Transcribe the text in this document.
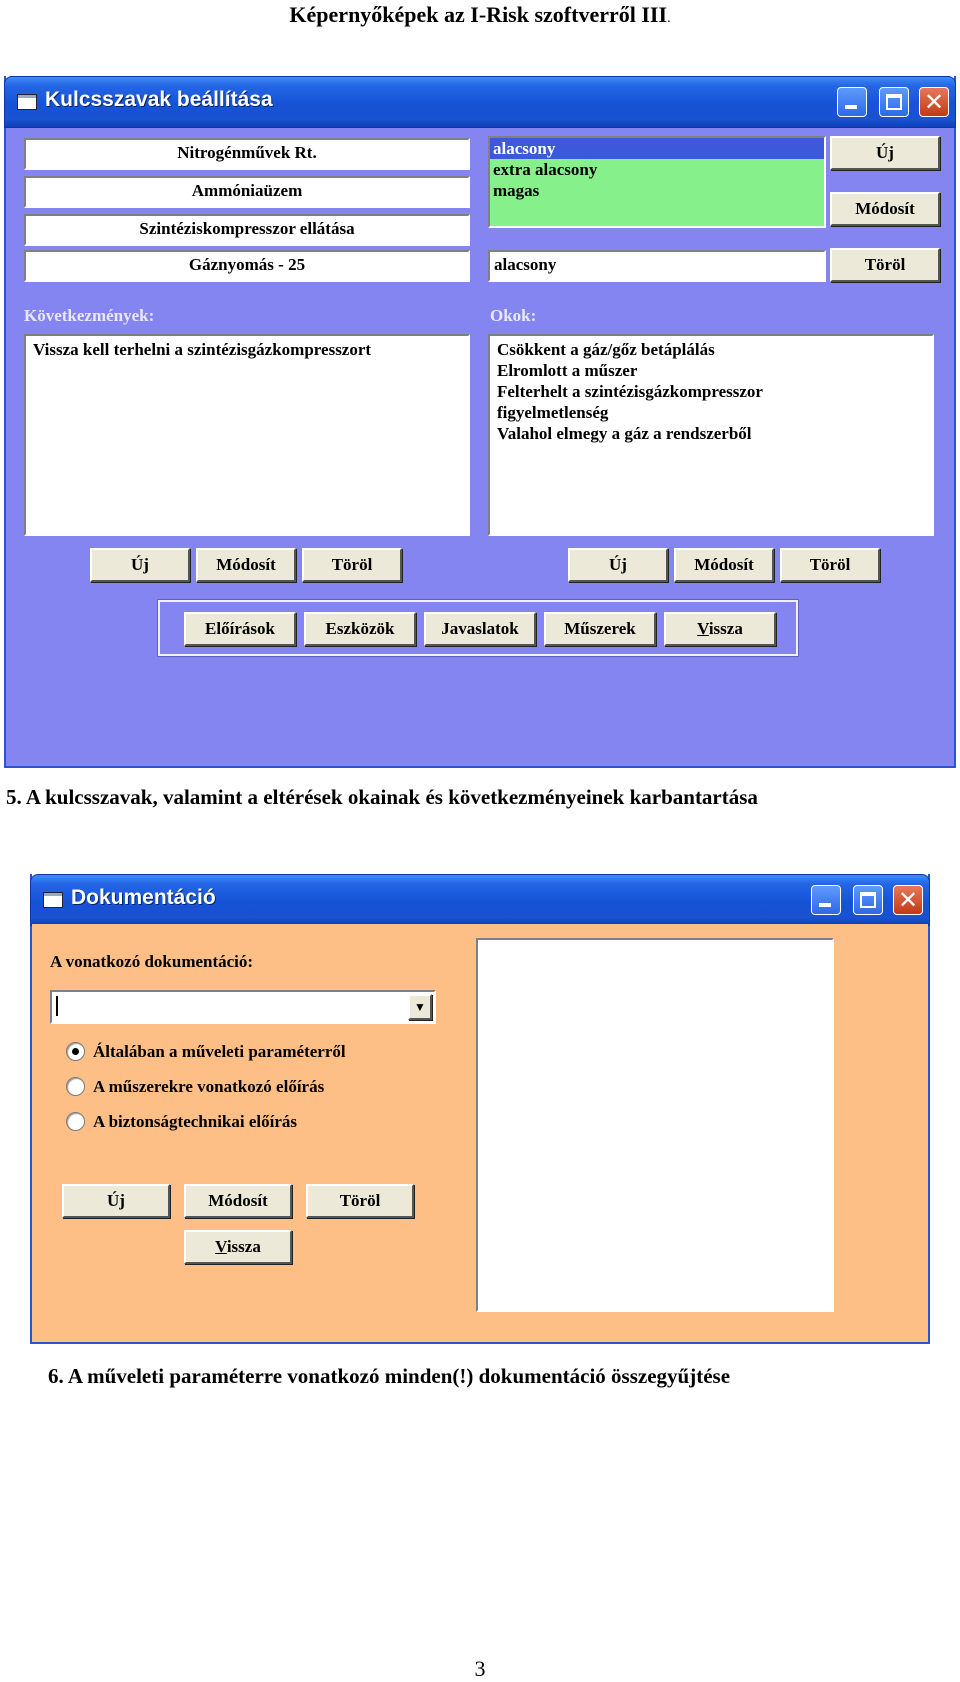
Képernyőképek az I-Risk szoftverről III.
Kulcsszavak beállítása	✕
Nitrogénművek Rt.
Ammóniaüzem
Szintéziskompresszor ellátása
Gáznyomás - 25
alacsony
extra alacsony
magas
alacsony
Új
Módosít
Töröl
Következmények:	Okok:
Vissza kell terhelni a szintézisgázkompresszort	Csökkent a gáz/gőz betáplálás
Elromlott a műszer
Felterhelt a szintézisgázkompresszor
figyelmetlenség
Valahol elmegy a gáz a rendszerből
Új	Módosít	Töröl	Új	Módosít	Töröl
Előírások	Eszközök	Javaslatok	Műszerek	Vissza
5. A kulcsszavak, valamint a eltérések okainak és következményeinek karbantartása
Dokumentáció	✕
A vonatkozó dokumentáció:
▼
Általában a műveleti paraméterről
A műszerekre vonatkozó előírás
A biztonságtechnikai előírás
Új	Módosít	Töröl
Vissza
6. A műveleti paraméterre vonatkozó minden(!) dokumentáció összegyűjtése
3
